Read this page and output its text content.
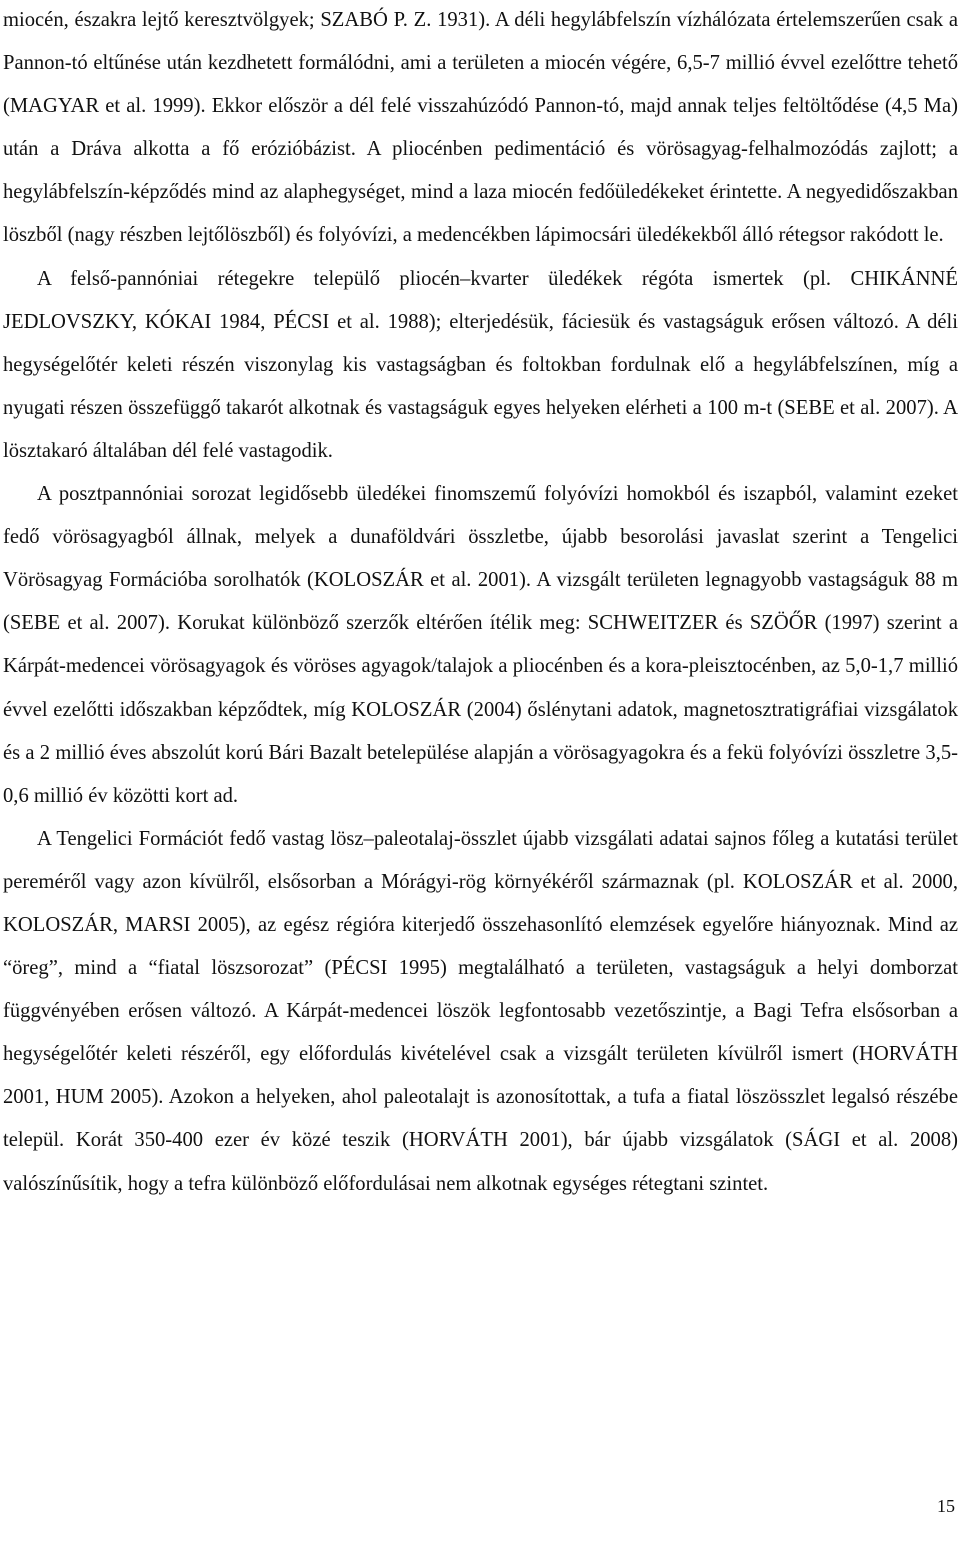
miocén, északra lejtő keresztvölgyek; SZABÓ P. Z. 1931). A déli hegylábfelszín vízhálózata értelemszerűen csak a Pannon-tó eltűnése után kezdhetett formálódni, ami a területen a miocén végére, 6,5-7 millió évvel ezelőttre tehető (MAGYAR et al. 1999). Ekkor először a dél felé visszahúzódó Pannon-tó, majd annak teljes feltöltődése (4,5 Ma) után a Dráva alkotta a fő erózióbázist. A pliocénben pedimentáció és vörösagyag-felhalmozódás zajlott; a hegylábfelszín-képződés mind az alaphegységet, mind a laza miocén fedőüledékeket érintette. A negyedidőszakban löszből (nagy részben lejtőlöszből) és folyóvízi, a medencékben lápimocsári üledékekből álló rétegsor rakódott le.

A felső-pannóniai rétegekre települő pliocén–kvarter üledékek régóta ismertek (pl. CHIKÁNNÉ JEDLOVSZKY, KÓKAI 1984, PÉCSI et al. 1988); elterjedésük, fáciesük és vastagságuk erősen változó. A déli hegységelőtér keleti részén viszonylag kis vastagságban és foltokban fordulnak elő a hegylábfelszínen, míg a nyugati részen összefüggő takarót alkotnak és vastagságuk egyes helyeken elérheti a 100 m-t (SEBE et al. 2007). A lösztakaró általában dél felé vastagodik.

A posztpannóniai sorozat legidősebb üledékei finomszemű folyóvízi homokból és iszapból, valamint ezeket fedő vörösagyagból állnak, melyek a dunaföldvári összletbe, újabb besorolási javaslat szerint a Tengelici Vörösagyag Formációba sorolhatók (KOLOSZÁR et al. 2001). A vizsgált területen legnagyobb vastagságuk 88 m (SEBE et al. 2007). Korukat különböző szerzők eltérően ítélik meg: SCHWEITZER és SZÖŐR (1997) szerint a Kárpát-medencei vörösagyagok és vöröses agyagok/talajok a pliocénben és a kora-pleisztocénben, az 5,0-1,7 millió évvel ezelőtti időszakban képződtek, míg KOLOSZÁR (2004) őslénytani adatok, magnetosztratigráfiai vizsgálatok és a 2 millió éves abszolút korú Bári Bazalt betelepülése alapján a vörösagyagokra és a fekü folyóvízi összletre 3,5-0,6 millió év közötti kort ad.

A Tengelici Formációt fedő vastag lösz–paleotalaj-összlet újabb vizsgálati adatai sajnos főleg a kutatási terület pereméről vagy azon kívülről, elsősorban a Mórágyi-rög környékéről származnak (pl. KOLOSZÁR et al. 2000, KOLOSZÁR, MARSI 2005), az egész régióra kiterjedő összehasonlító elemzések egyelőre hiányoznak. Mind az “öreg”, mind a “fiatal löszsorozat” (PÉCSI 1995) megtalálható a területen, vastagságuk a helyi domborzat függvényében erősen változó. A Kárpát-medencei löszök legfontosabb vezetőszintje, a Bagi Tefra elsősorban a hegységelőtér keleti részéről, egy előfordulás kivételével csak a vizsgált területen kívülről ismert (HORVÁTH 2001, HUM 2005). Azokon a helyeken, ahol paleotalajt is azonosítottak, a tufa a fiatal löszösszlet legalsó részébe települ. Korát 350-400 ezer év közé teszik (HORVÁTH 2001), bár újabb vizsgálatok (SÁGI et al. 2008) valószínűsítik, hogy a tefra különböző előfordulásai nem alkotnak egységes rétegtani szintet.

15
